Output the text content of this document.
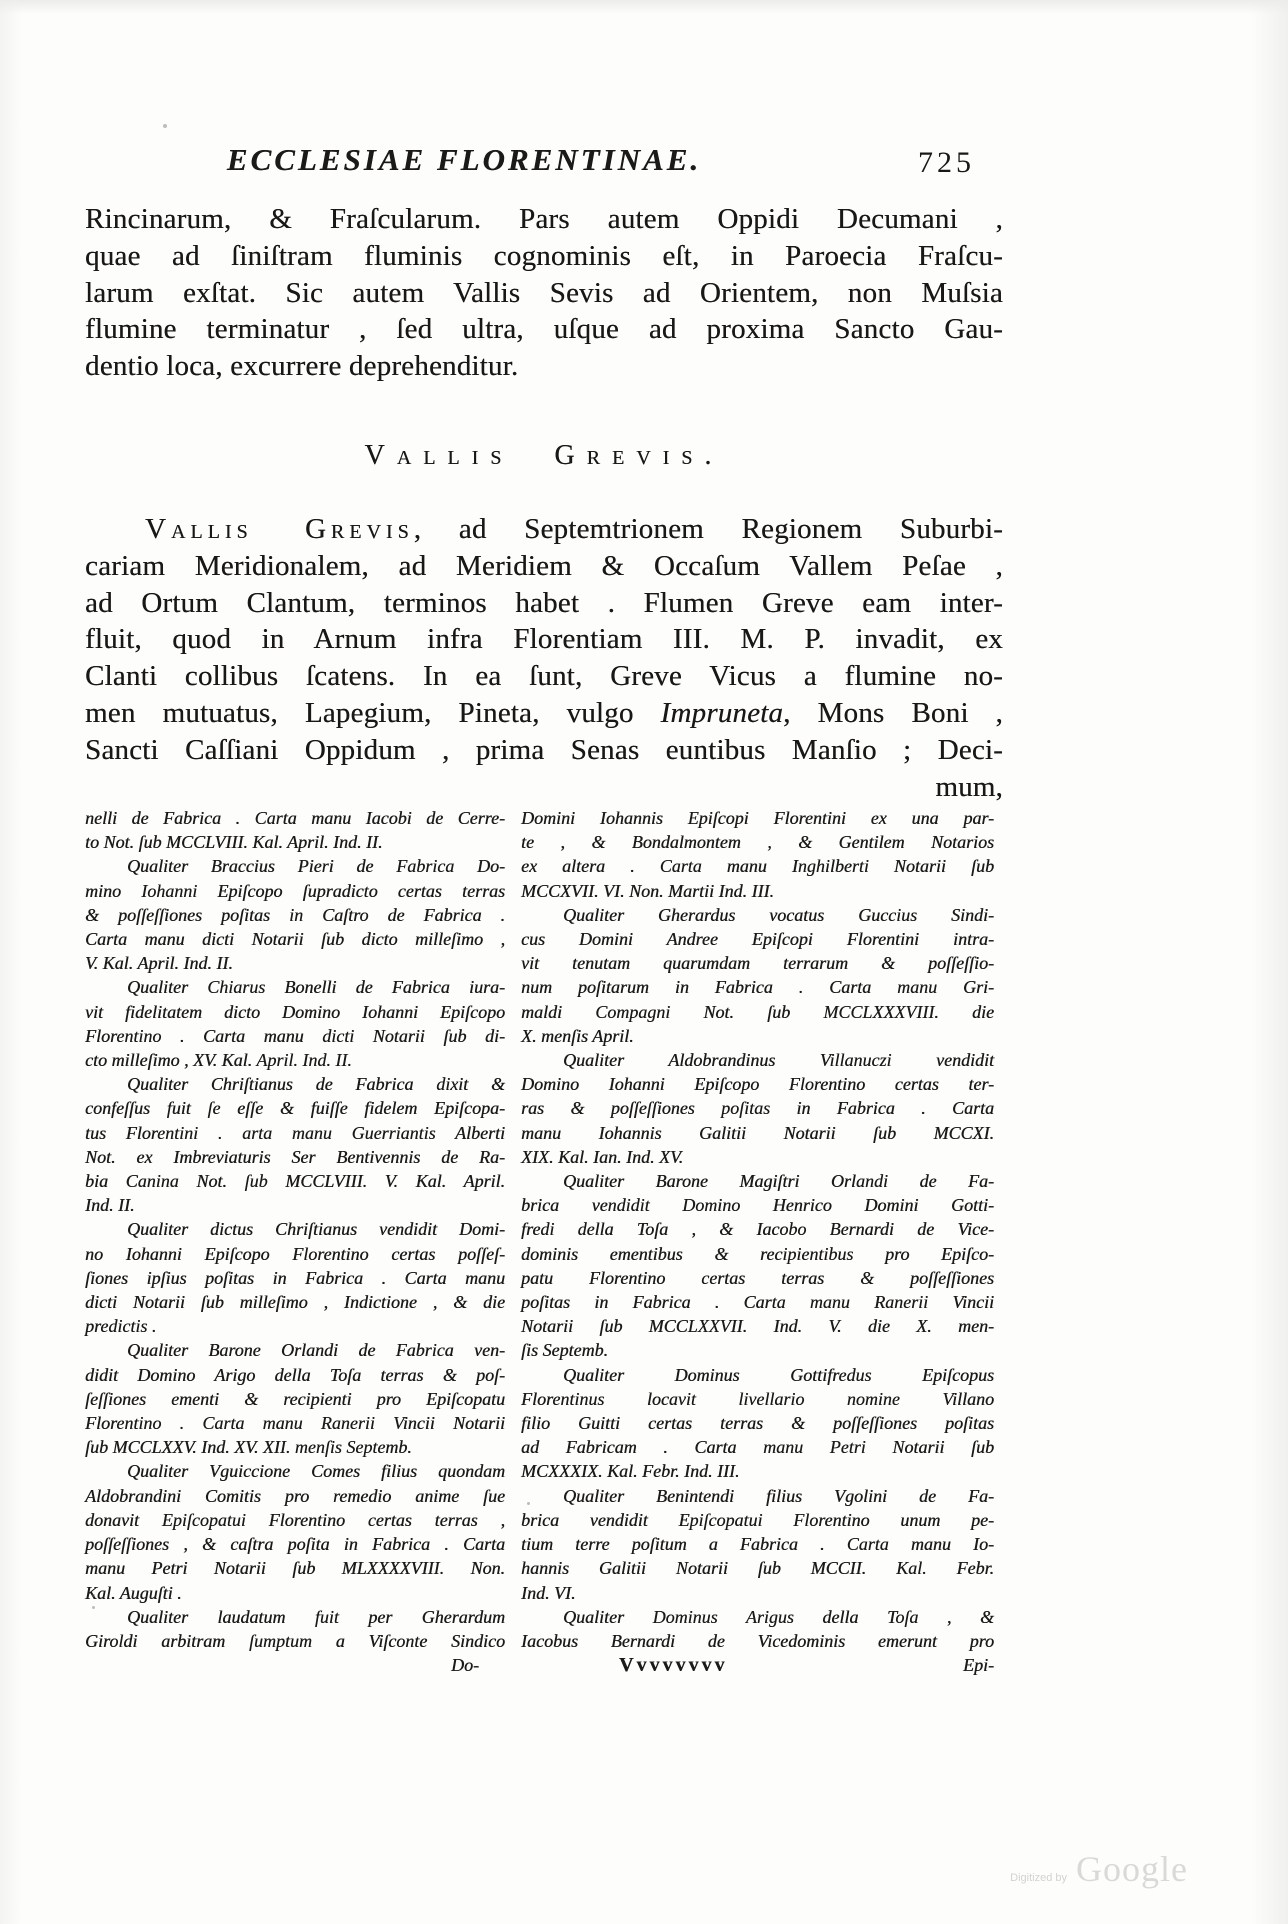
ECCLESIAE FLORENTINAE.	725
Rincinarum, & Fraſcularum. Pars autem Oppidi Decumani ,
quae ad ſiniſtram fluminis cognominis eſt, in Paroecia Fraſcu-
larum exſtat. Sic autem Vallis Sevis ad Orientem, non Muſsia
flumine terminatur , ſed ultra, uſque ad proxima Sancto Gau-
dentio loca, excurrere deprehenditur.
Vallis Grevis.
Vallis Grevis, ad Septemtrionem Regionem Suburbi-
cariam Meridionalem, ad Meridiem & Occaſum Vallem Peſae ,
ad Ortum Clantum, terminos habet . Flumen Greve eam inter-
fluit, quod in Arnum infra Florentiam III. M. P. invadit, ex
Clanti collibus ſcatens. In ea ſunt, Greve Vicus a flumine no-
men mutuatus, Lapegium, Pineta, vulgo Impruneta, Mons Boni ,
Sancti Caſſiani Oppidum , prima Senas euntibus Manſio ; Deci-
mum,
nelli de Fabrica . Carta manu Iacobi de Cerre-
to Not. ſub MCCLVIII. Kal. April. Ind. II.
Qualiter Braccius Pieri de Fabrica Do-
mino Iohanni Epiſcopo ſupradicto certas terras
& poſſeſſiones poſitas in Caſtro de Fabrica .
Carta manu dicti Notarii ſub dicto milleſimo ,
V. Kal. April. Ind. II.
Qualiter Chiarus Bonelli de Fabrica iura-
vit fidelitatem dicto Domino Iohanni Epiſcopo
Florentino . Carta manu dicti Notarii ſub di-
cto milleſimo , XV. Kal. April. Ind. II.
Qualiter Chriſtianus de Fabrica dixit &
confeſſus fuit ſe eſſe & fuiſſe fidelem Epiſcopa-
tus Florentini . arta manu Guerriantis Alberti
Not. ex Imbreviaturis Ser Bentivennis de Ra-
bia Canina Not. ſub MCCLVIII. V. Kal. April.
Ind. II.
Qualiter dictus Chriſtianus vendidit Domi-
no Iohanni Epiſcopo Florentino certas poſſeſ-
ſiones ipſius poſitas in Fabrica . Carta manu
dicti Notarii ſub milleſimo , Indictione , & die
predictis .
Qualiter Barone Orlandi de Fabrica ven-
didit Domino Arigo della Toſa terras & poſ-
ſeſſiones ementi & recipienti pro Epiſcopatu
Florentino . Carta manu Ranerii Vincii Notarii
ſub MCCLXXV. Ind. XV. XII. menſis Septemb.
Qualiter Vguiccione Comes filius quondam
Aldobrandini Comitis pro remedio anime ſue
donavit Epiſcopatui Florentino certas terras ,
poſſeſſiones , & caſtra poſita in Fabrica . Carta
manu Petri Notarii ſub MLXXXXVIII. Non.
Kal. Auguſti .
Qualiter laudatum fuit per Gherardum
Giroldi arbitram ſumptum a Viſconte Sindico
Do-
Domini Iohannis Epiſcopi Florentini ex una par-
te , & Bondalmontem , & Gentilem Notarios
ex altera . Carta manu Inghilberti Notarii ſub
MCCXVII. VI. Non. Martii Ind. III.
Qualiter Gherardus vocatus Guccius Sindi-
cus Domini Andree Epiſcopi Florentini intra-
vit tenutam quarumdam terrarum & poſſeſſio-
num poſitarum in Fabrica . Carta manu Gri-
maldi Compagni Not. ſub MCCLXXXVIII. die
X. menſis April.
Qualiter Aldobrandinus Villanuczi vendidit
Domino Iohanni Epiſcopo Florentino certas ter-
ras & poſſeſſiones poſitas in Fabrica . Carta
manu Iohannis Galitii Notarii ſub MCCXI.
XIX. Kal. Ian. Ind. XV.
Qualiter Barone Magiſtri Orlandi de Fa-
brica vendidit Domino Henrico Domini Gotti-
fredi della Toſa , & Iacobo Bernardi de Vice-
dominis ementibus & recipientibus pro Epiſco-
patu Florentino certas terras & poſſeſſiones
poſitas in Fabrica . Carta manu Ranerii Vincii
Notarii ſub MCCLXXVII. Ind. V. die X. men-
ſis Septemb.
Qualiter Dominus Gottifredus Epiſcopus
Florentinus locavit livellario nomine Villano
filio Guitti certas terras & poſſeſſiones poſitas
ad Fabricam . Carta manu Petri Notarii ſub
MCXXXIX. Kal. Febr. Ind. III.
Qualiter Benintendi filius Vgolini de Fa-
brica vendidit Epiſcopatui Florentino unum pe-
tium terre poſitum a Fabrica . Carta manu Io-
hannis Galitii Notarii ſub MCCII. Kal. Febr.
Ind. VI.
Qualiter Dominus Arigus della Toſa , &
Iacobus Bernardi de Vicedominis emerunt pro
Vvvvvvvv	Epi-
Digitized by Google
